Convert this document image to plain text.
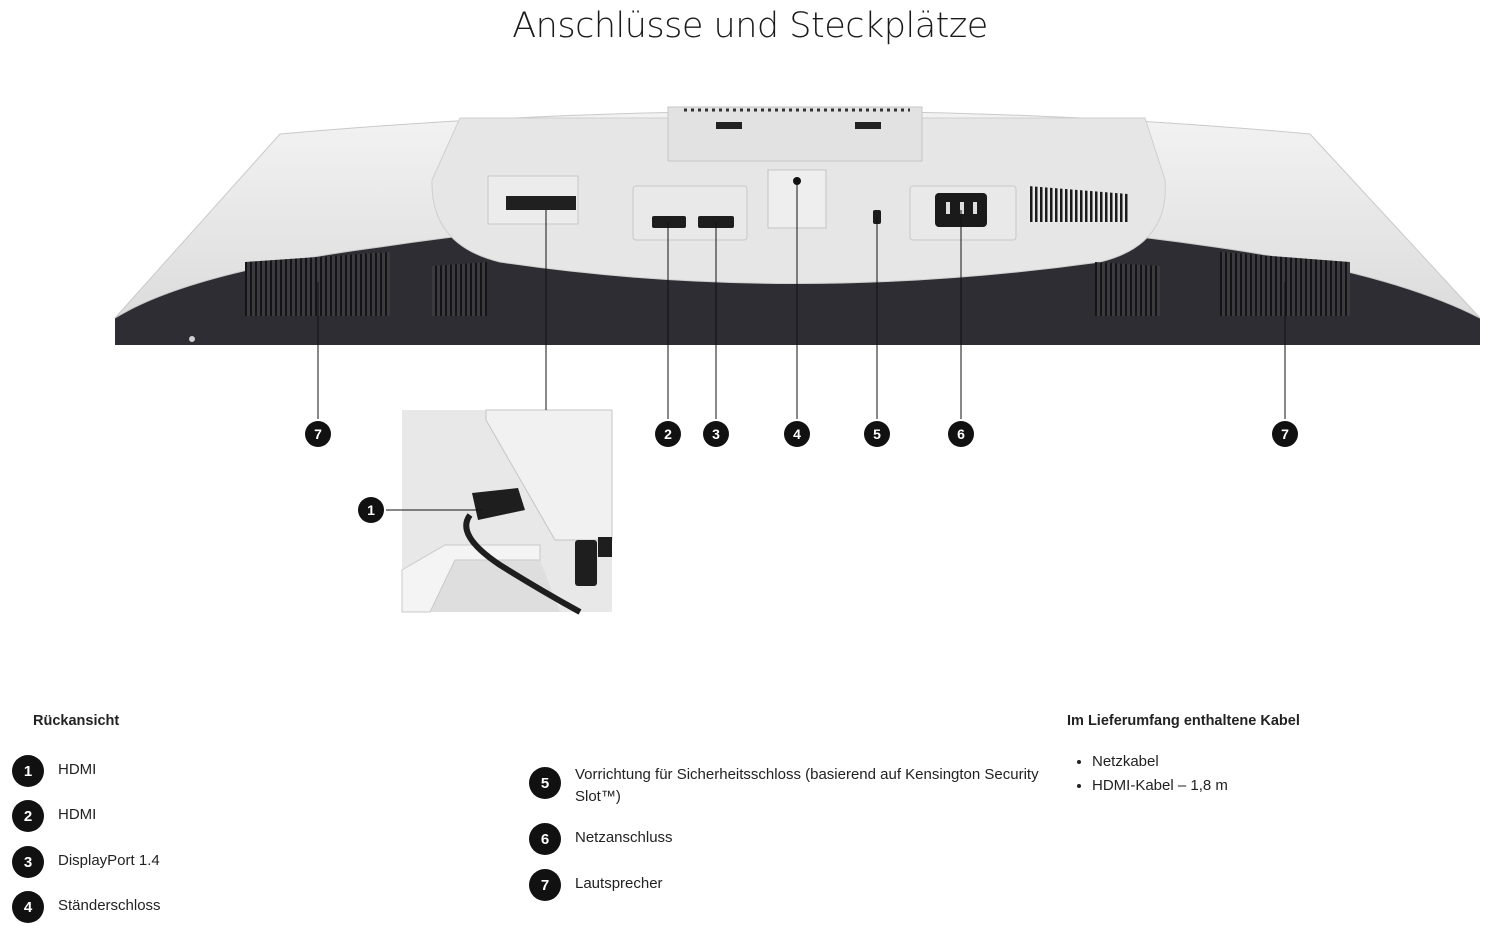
Anschlüsse und Steckplätze
7
1
2	3	4	5	6	7
Rückansicht
1	HDMI
2	HDMI
3	DisplayPort 1.4
4	Ständerschloss
5	Vorrichtung für Sicherheitsschloss (basierend auf Kensington Security Slot™)
6	Netzanschluss
7	Lautsprecher
Im Lieferumfang enthaltene Kabel
• Netzkabel
• HDMI-Kabel – 1,8 m
